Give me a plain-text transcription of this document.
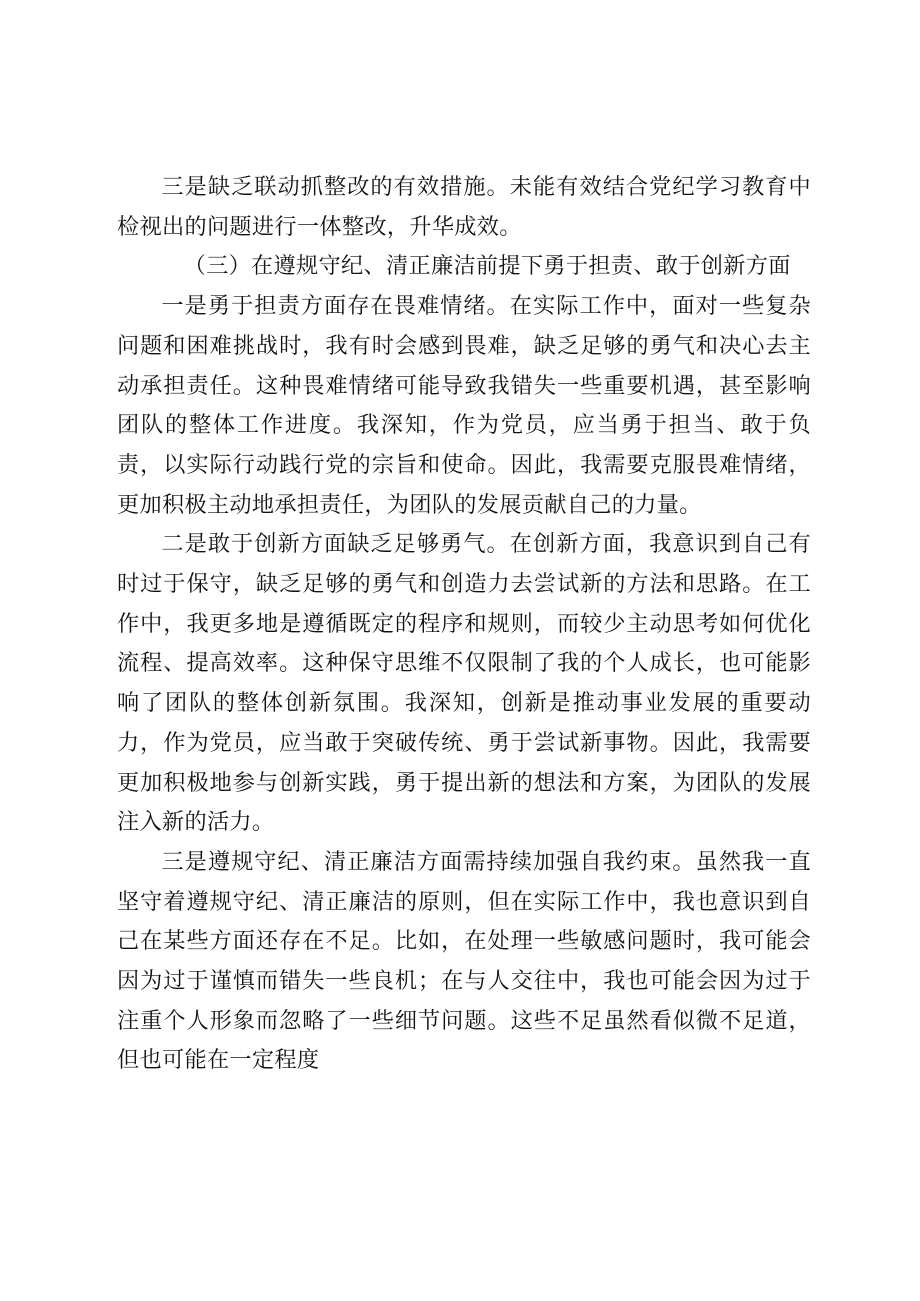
三是缺乏联动抓整改的有效措施。未能有效结合党纪学习教育中检视出的问题进行一体整改，升华成效。

（三）在遵规守纪、清正廉洁前提下勇于担责、敢于创新方面

一是勇于担责方面存在畏难情绪。在实际工作中，面对一些复杂问题和困难挑战时，我有时会感到畏难，缺乏足够的勇气和决心去主动承担责任。这种畏难情绪可能导致我错失一些重要机遇，甚至影响团队的整体工作进度。我深知，作为党员，应当勇于担当、敢于负责，以实际行动践行党的宗旨和使命。因此，我需要克服畏难情绪，更加积极主动地承担责任，为团队的发展贡献自己的力量。

二是敢于创新方面缺乏足够勇气。在创新方面，我意识到自己有时过于保守，缺乏足够的勇气和创造力去尝试新的方法和思路。在工作中，我更多地是遵循既定的程序和规则，而较少主动思考如何优化流程、提高效率。这种保守思维不仅限制了我的个人成长，也可能影响了团队的整体创新氛围。我深知，创新是推动事业发展的重要动力，作为党员，应当敢于突破传统、勇于尝试新事物。因此，我需要更加积极地参与创新实践，勇于提出新的想法和方案，为团队的发展注入新的活力。

三是遵规守纪、清正廉洁方面需持续加强自我约束。虽然我一直坚守着遵规守纪、清正廉洁的原则，但在实际工作中，我也意识到自己在某些方面还存在不足。比如，在处理一些敏感问题时，我可能会因为过于谨慎而错失一些良机；在与人交往中，我也可能会因为过于注重个人形象而忽略了一些细节问题。这些不足虽然看似微不足道，但也可能在一定程度
